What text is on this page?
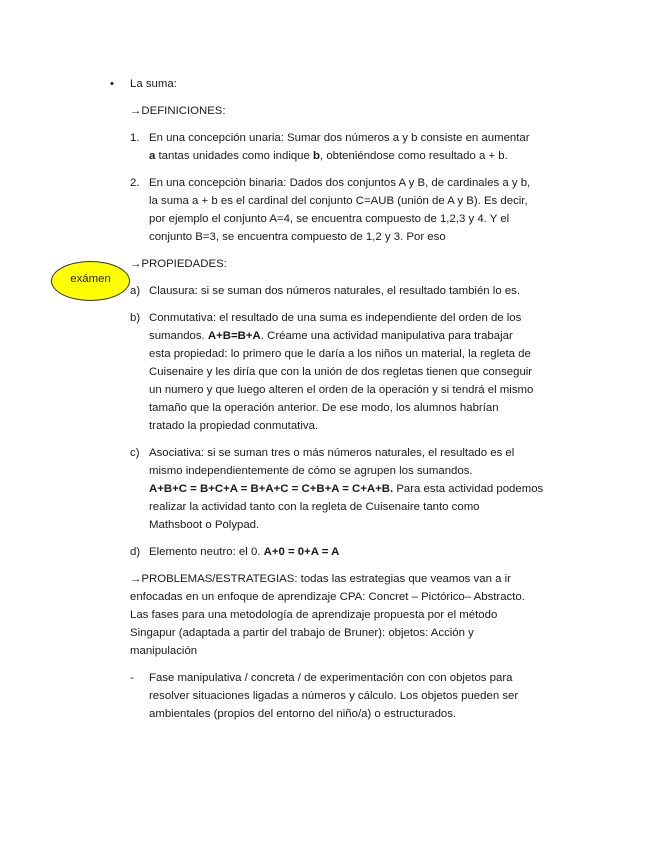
exámen
• La suma:
→DEFINICIONES:
1. En una concepción unaria: Sumar dos números a y b consiste en aumentar
a tantas unidades como indique b, obteniéndose como resultado a + b.
2. En una concepción binaria: Dados dos conjuntos A y B, de cardinales a y b,
la suma a + b es el cardinal del conjunto C=AUB (unión de A y B). Es decir,
por ejemplo el conjunto A=4, se encuentra compuesto de 1,2,3 y 4. Y el
conjunto B=3, se encuentra compuesto de 1,2 y 3. Por eso
→PROPIEDADES:
a) Clausura: si se suman dos números naturales, el resultado también lo es.
b) Conmutativa: el resultado de una suma es independiente del orden de los
sumandos. A+B=B+A. Créame una actividad manipulativa para trabajar
esta propiedad: lo primero que le daría a los niños un material, la regleta de
Cuisenaire y les diría que con la unión de dos regletas tienen que conseguir
un numero y que luego alteren el orden de la operación y si tendrá el mismo
tamaño que la operación anterior. De ese modo, los alumnos habrían
tratado la propiedad conmutativa.
c) Asociativa: si se suman tres o más números naturales, el resultado es el
mismo independientemente de cómo se agrupen los sumandos.
A+B+C = B+C+A = B+A+C = C+B+A = C+A+B. Para esta actividad podemos
realizar la actividad tanto con la regleta de Cuisenaire tanto como
Mathsboot o Polypad.
d) Elemento neutro: el 0. A+0 = 0+A = A
→PROBLEMAS/ESTRATEGIAS: todas las estrategias que veamos van a ir
enfocadas en un enfoque de aprendizaje CPA: Concret – Pictórico– Abstracto.
Las fases para una metodología de aprendizaje propuesta por el método
Singapur (adaptada a partir del trabajo de Bruner): objetos: Acción y
manipulación
- Fase manipulativa / concreta / de experimentación con con objetos para
resolver situaciones ligadas a números y cálculo. Los objetos pueden ser
ambientales (propios del entorno del niño/a) o estructurados.
